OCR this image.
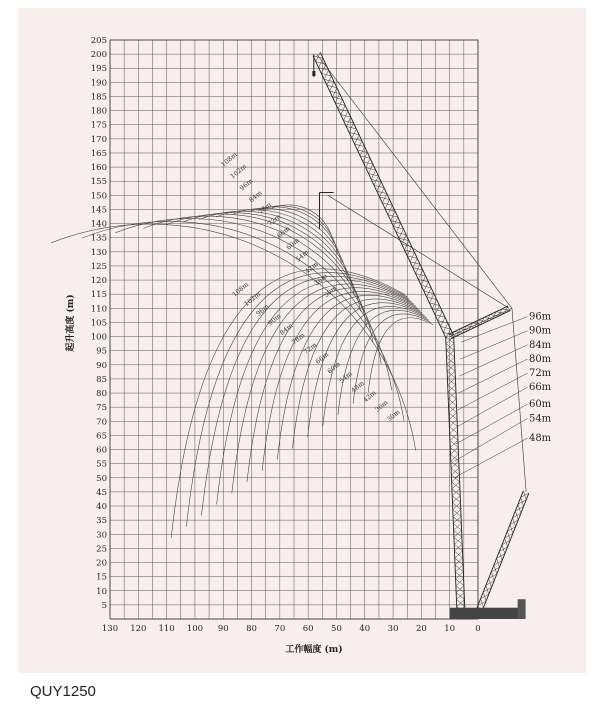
130 120 110 100 90 80 70 60 50 40 30 20 10 0
5
10
15
20
25
30
35
40
45
50
55
60
65
70
75
80
85
90
95
100
105
110
115
120
125
130
135
140
145
150
155
160
165
170
175
180
185
190
195
200
205
108m
102m
96m
84m
78m
72m
66m
60m
54m
42m
36m
30m
108m
102m
96m
90m
84m
78m
72m
66m
60m
54m
48m
42m
36m
30m
96m
90m
84m
80m
72m
66m
60m
54m
48m
工作幅度 (m)
起升高度 (m)
QUY1250
